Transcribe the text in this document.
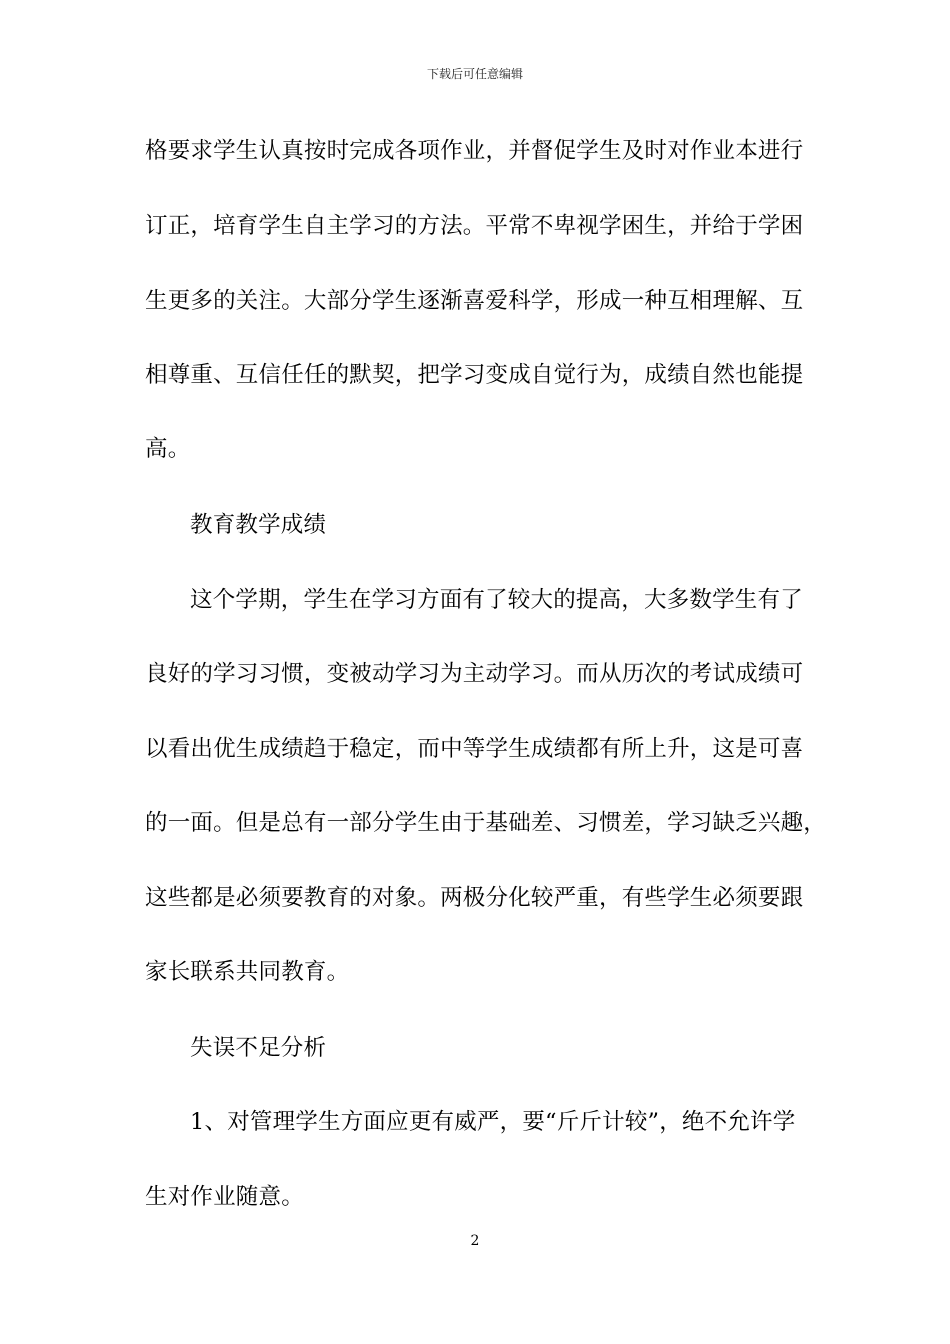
下载后可任意编辑
格要求学生认真按时完成各项作业，并督促学生及时对作业本进行
订正，培育学生自主学习的方法。平常不卑视学困生，并给于学困
生更多的关注。大部分学生逐渐喜爱科学，形成一种互相理解、互
相尊重、互信任任的默契，把学习变成自觉行为，成绩自然也能提
高。
教育教学成绩
这个学期，学生在学习方面有了较大的提高，大多数学生有了
良好的学习习惯，变被动学习为主动学习。而从历次的考试成绩可
以看出优生成绩趋于稳定，而中等学生成绩都有所上升，这是可喜
的一面。但是总有一部分学生由于基础差、习惯差，学习缺乏兴趣，
这些都是必须要教育的对象。两极分化较严重，有些学生必须要跟
家长联系共同教育。
失误不足分析
1、对管理学生方面应更有威严，要“斤斤计较”，绝不允许学
生对作业随意。
2
